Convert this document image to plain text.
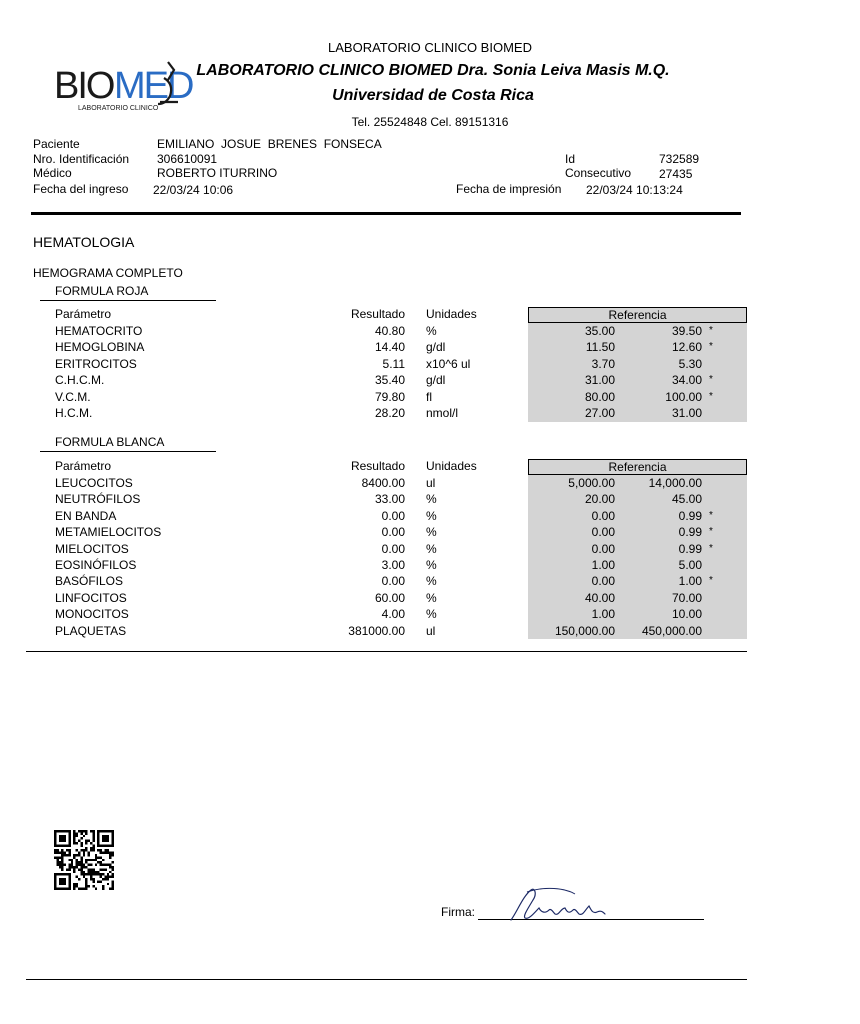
LABORATORIO CLINICO BIOMED
BIO MED
LABORATORIO CLINICO
LABORATORIO CLINICO BIOMED Dra. Sonia Leiva Masis M.Q.
Universidad de Costa Rica
Tel. 25524848 Cel. 89151316
Paciente	EMILIANO  JOSUE  BRENES  FONSECA
Nro. Identificación 306610091
Médico	ROBERTO ITURRINO
Fecha del ingreso 22/03/24 10:06
Id	732589
Consecutivo 27435
Fecha de impresión 22/03/24 10:13:24
HEMATOLOGIA
HEMOGRAMA COMPLETO
FORMULA ROJA
Parámetro	Resultado Unidades	Referencia
HEMATOCRITO	40.80 %	35.00	39.50 *
HEMOGLOBINA	14.40 g/dl	11.50	12.60 *
ERITROCITOS	5.11 x10^6 ul	3.70	5.30
C.H.C.M.	35.40 g/dl	31.00	34.00 *
V.C.M.	79.80 fl	80.00	100.00 *
H.C.M.	28.20 nmol/l	27.00	31.00
FORMULA BLANCA
Parámetro	Resultado Unidades	Referencia
LEUCOCITOS	8400.00 ul	5,000.00	14,000.00
NEUTRÓFILOS	33.00 %	20.00	45.00
EN BANDA	0.00 %	0.00	0.99 *
METAMIELOCITOS	0.00 %	0.00	0.99 *
MIELOCITOS	0.00 %	0.00	0.99 *
EOSINÓFILOS	3.00 %	1.00	5.00
BASÓFILOS	0.00 %	0.00	1.00 *
LINFOCITOS	60.00 %	40.00	70.00
MONOCITOS	4.00 %	1.00	10.00
PLAQUETAS	381000.00 ul	150,000.00	450,000.00
Firma:
